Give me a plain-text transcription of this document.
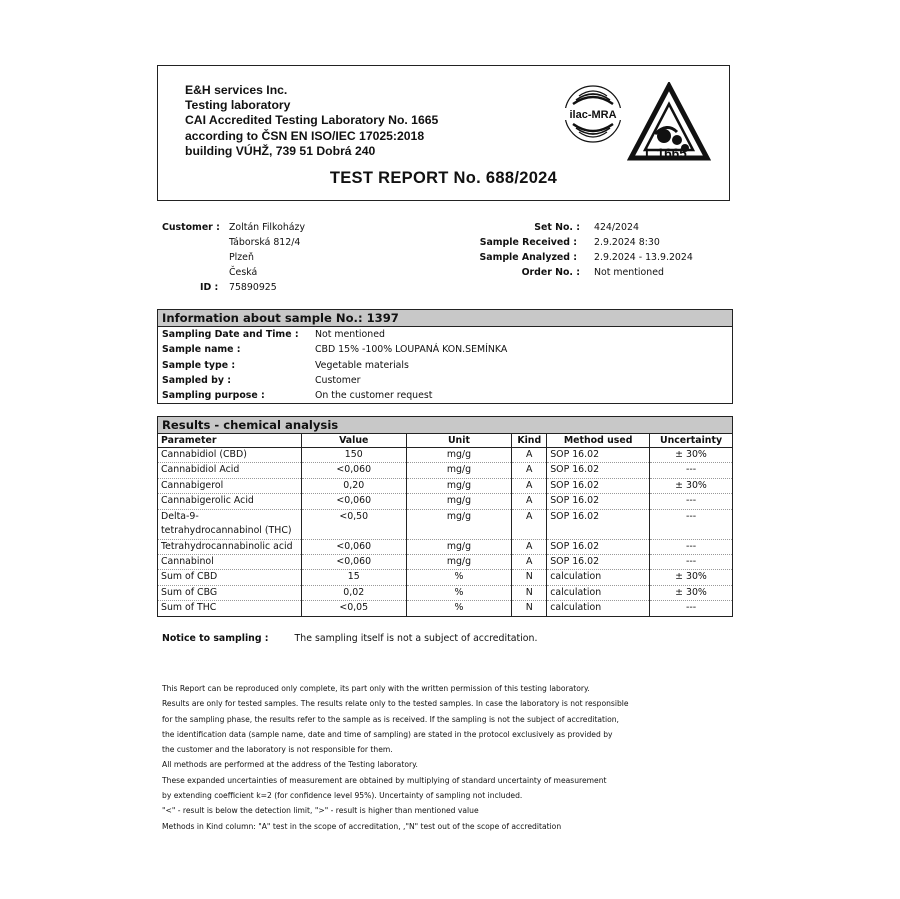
E&H services Inc.
Testing laboratory
CAI Accredited Testing Laboratory No. 1665
according to ČSN EN ISO/IEC 17025:2018
building VÚHŽ, 739 51 Dobrá 240
ilac-MRA
L 1665
TEST REPORT No. 688/2024
Customer : Zoltán Filkoházy
Táborská 812/4
Plzeň
Česká
ID : 75890925
Set No. : 424/2024
Sample Received : 2.9.2024 8:30
Sample Analyzed : 2.9.2024 - 13.9.2024
Order No. : Not mentioned
Information about sample No.: 1397	
Sampling Date and Time :	Not mentioned
Sample name :	CBD 15% -100% LOUPANÁ KON.SEMÍNKA
Sample type :	Vegetable materials
Sampled by :	Customer
Sampling purpose :	On the customer request
Results - chemical analysis					
Parameter	Value	Unit	Kind	Method used	Uncertainty
Cannabidiol (CBD)	150	mg/g	A	SOP 16.02	± 30%
Cannabidiol Acid	<0,060	mg/g	A	SOP 16.02	---
Cannabigerol	0,20	mg/g	A	SOP 16.02	± 30%
Cannabigerolic Acid	<0,060	mg/g	A	SOP 16.02	---
Delta-9-tetrahydrocannabinol (THC)	<0,50	mg/g	A	SOP 16.02	---
Tetrahydrocannabinolic acid	<0,060	mg/g	A	SOP 16.02	---
Cannabinol	<0,060	mg/g	A	SOP 16.02	---
Sum of CBD	15	%	N	calculation	± 30%
Sum of CBG	0,02	%	N	calculation	± 30%
Sum of THC	<0,05	%	N	calculation	---
Notice to sampling :	The sampling itself is not a subject of accreditation.
This Report can be reproduced only complete, its part only with the written permission of this testing laboratory.
Results are only for tested samples. The results relate only to the tested samples. In case the laboratory is not responsible
for the sampling phase, the results refer to the sample as is received. If the sampling is not the subject of accreditation,
the identification data (sample name, date and time of sampling) are stated in the protocol exclusively as provided by
the customer and the laboratory is not responsible for them.
All methods are performed at the address of the Testing laboratory.
These expanded uncertainties of measurement are obtained by multiplying of standard uncertainty of measurement
by extending coefficient k=2 (for confidence level 95%). Uncertainty of sampling not included.
"<" - result is below the detection limit, ">" - result is higher than mentioned value
Methods in Kind column: "A" test in the scope of accreditation, ,"N" test out of the scope of accreditation
